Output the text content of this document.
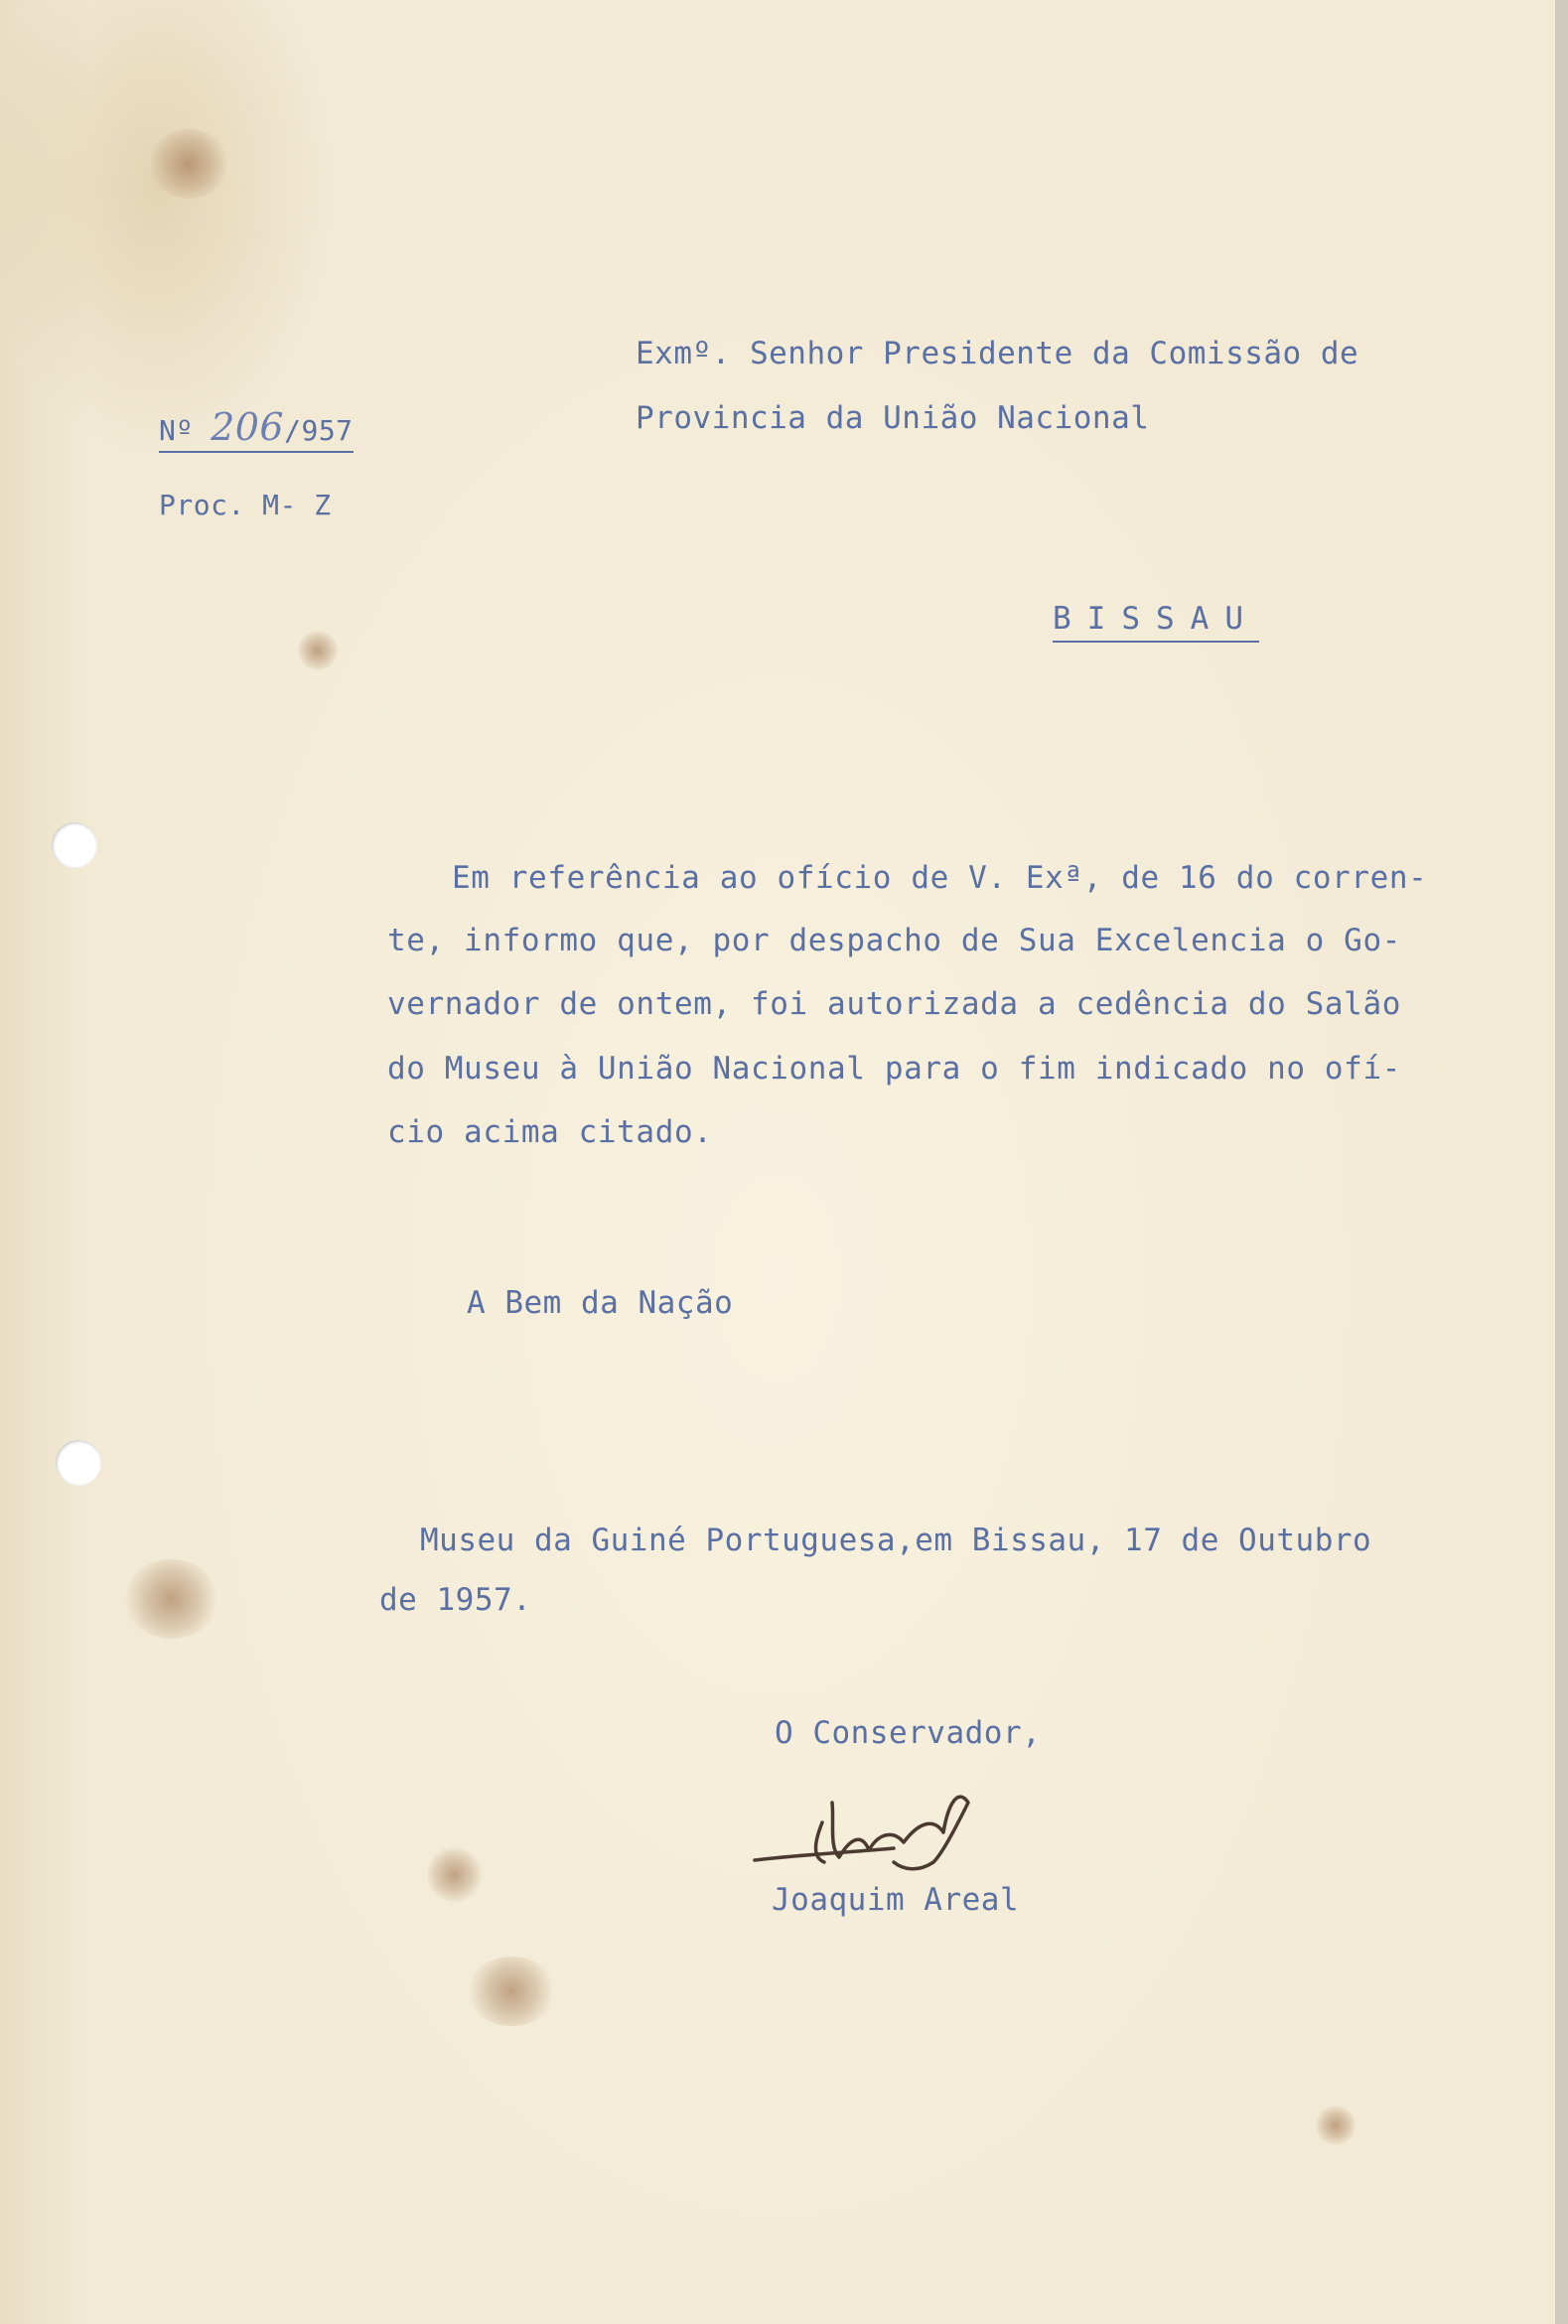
Nº 206/957
Proc. M- Z
Exmº. Senhor Presidente da Comissão de
Provincia da União Nacional
BISSAU
Em referência ao ofício de V. Exª, de 16 do corren-
te, informo que, por despacho de Sua Excelencia o Go-
vernador de ontem, foi autorizada a cedência do Salão
do Museu à União Nacional para o fim indicado no ofí-
cio acima citado.
A Bem da Nação
Museu da Guiné Portuguesa,em Bissau, 17 de Outubro
de 1957.
O Conservador,
Joaquim Areal
